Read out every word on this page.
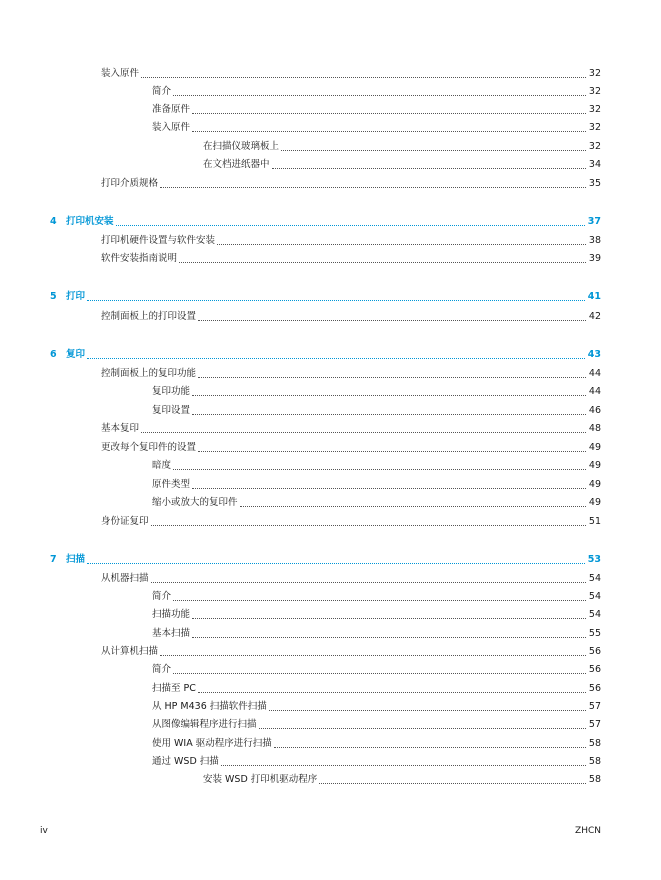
装入原件	32
简介	32
准备原件	32
装入原件	32
在扫描仪玻璃板上	32
在文档进纸器中	34
打印介质规格	35
4 打印机安装	37
打印机硬件设置与软件安装	38
软件安装指南说明	39
5 打印	41
控制面板上的打印设置	42
6 复印	43
控制面板上的复印功能	44
复印功能	44
复印设置	46
基本复印	48
更改每个复印件的设置	49
暗度	49
原件类型	49
缩小或放大的复印件	49
身份证复印	51
7 扫描	53
从机器扫描	54
简介	54
扫描功能	54
基本扫描	55
从计算机扫描	56
简介	56
扫描至 PC	56
从 HP M436 扫描软件扫描	57
从图像编辑程序进行扫描	57
使用 WIA 驱动程序进行扫描	58
通过 WSD 扫描	58
安装 WSD 打印机驱动程序	58
iv	ZHCN
